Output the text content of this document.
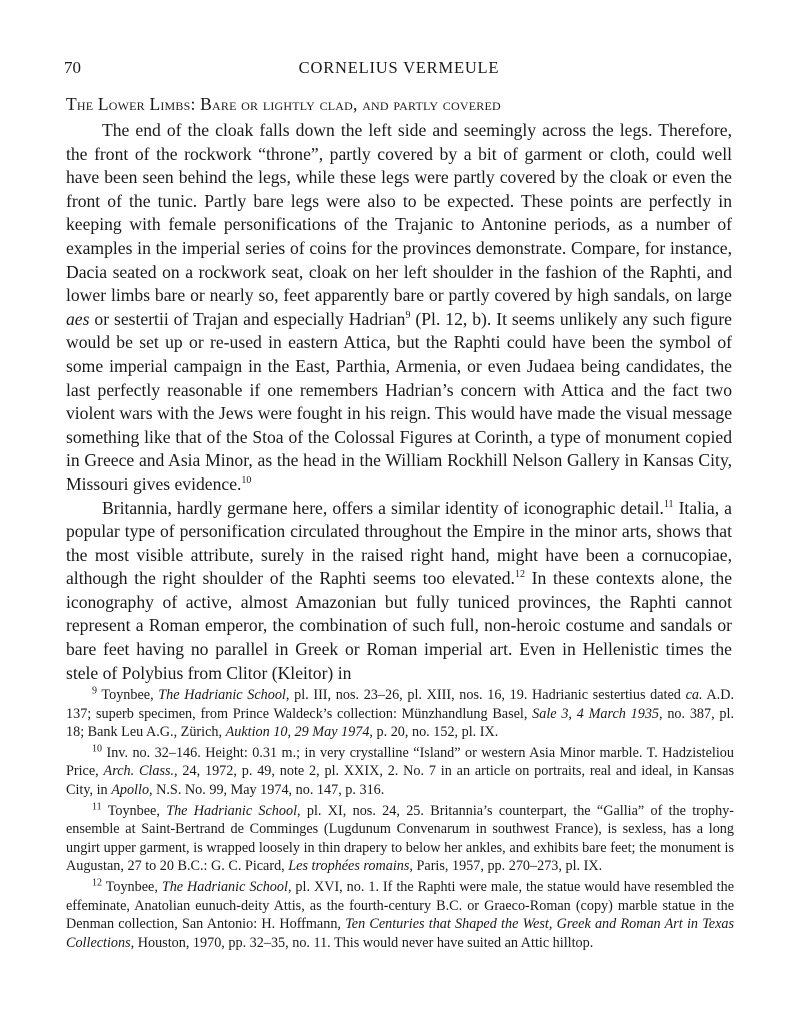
70	CORNELIUS VERMEULE
The Lower Limbs: Bare or lightly clad, and partly covered

The end of the cloak falls down the left side and seemingly across the legs. Therefore, the front of the rockwork “throne”, partly covered by a bit of garment or cloth, could well have been seen behind the legs, while these legs were partly covered by the cloak or even the front of the tunic. Partly bare legs were also to be expected. These points are perfectly in keeping with female personifications of the Trajanic to Antonine periods, as a number of examples in the imperial series of coins for the provinces demonstrate. Compare, for instance, Dacia seated on a rockwork seat, cloak on her left shoulder in the fashion of the Raphti, and lower limbs bare or nearly so, feet apparently bare or partly covered by high sandals, on large aes or sestertii of Trajan and especially Hadrian$^9$ (Pl. 12, b). It seems unlikely any such figure would be set up or re-used in eastern Attica, but the Raphti could have been the symbol of some imperial campaign in the East, Parthia, Armenia, or even Judaea being candidates, the last perfectly reasonable if one remembers Hadrian’s concern with Attica and the fact two violent wars with the Jews were fought in his reign. This would have made the visual message something like that of the Stoa of the Colossal Figures at Corinth, a type of monument copied in Greece and Asia Minor, as the head in the William Rockhill Nelson Gallery in Kansas City, Missouri gives evidence.$^{10}$

Britannia, hardly germane here, offers a similar identity of iconographic detail.$^{11}$ Italia, a popular type of personification circulated throughout the Empire in the minor arts, shows that the most visible attribute, surely in the raised right hand, might have been a cornucopiae, although the right shoulder of the Raphti seems too elevated.$^{12}$ In these contexts alone, the iconography of active, almost Amazonian but fully tuniced provinces, the Raphti cannot represent a Roman emperor, the combination of such full, non-heroic costume and sandals or bare feet having no parallel in Greek or Roman imperial art. Even in Hellenistic times the stele of Polybius from Clitor (Kleitor) in

$^9$ Toynbee, The Hadrianic School, pl. III, nos. 23–26, pl. XIII, nos. 16, 19. Hadrianic sestertius dated ca. A.D. 137; superb specimen, from Prince Waldeck’s collection: Münzhandlung Basel, Sale 3, 4 March 1935, no. 387, pl. 18; Bank Leu A.G., Zürich, Auktion 10, 29 May 1974, p. 20, no. 152, pl. IX.

$^{10}$ Inv. no. 32–146. Height: 0.31 m.; in very crystalline “Island” or western Asia Minor marble. T. Hadzisteliou Price, Arch. Class., 24, 1972, p. 49, note 2, pl. XXIX, 2. No. 7 in an article on portraits, real and ideal, in Kansas City, in Apollo, N.S. No. 99, May 1974, no. 147, p. 316.

$^{11}$ Toynbee, The Hadrianic School, pl. XI, nos. 24, 25. Britannia’s counterpart, the “Gallia” of the trophy-ensemble at Saint-Bertrand de Comminges (Lugdunum Convenarum in southwest France), is sexless, has a long ungirt upper garment, is wrapped loosely in thin drapery to below her ankles, and exhibits bare feet; the monument is Augustan, 27 to 20 B.C.: G. C. Picard, Les trophées romains, Paris, 1957, pp. 270–273, pl. IX.

$^{12}$ Toynbee, The Hadrianic School, pl. XVI, no. 1. If the Raphti were male, the statue would have resembled the effeminate, Anatolian eunuch-deity Attis, as the fourth-century B.C. or Graeco-Roman (copy) marble statue in the Denman collection, San Antonio: H. Hoffmann, Ten Centuries that Shaped the West, Greek and Roman Art in Texas Collections, Houston, 1970, pp. 32–35, no. 11. This would never have suited an Attic hilltop.
